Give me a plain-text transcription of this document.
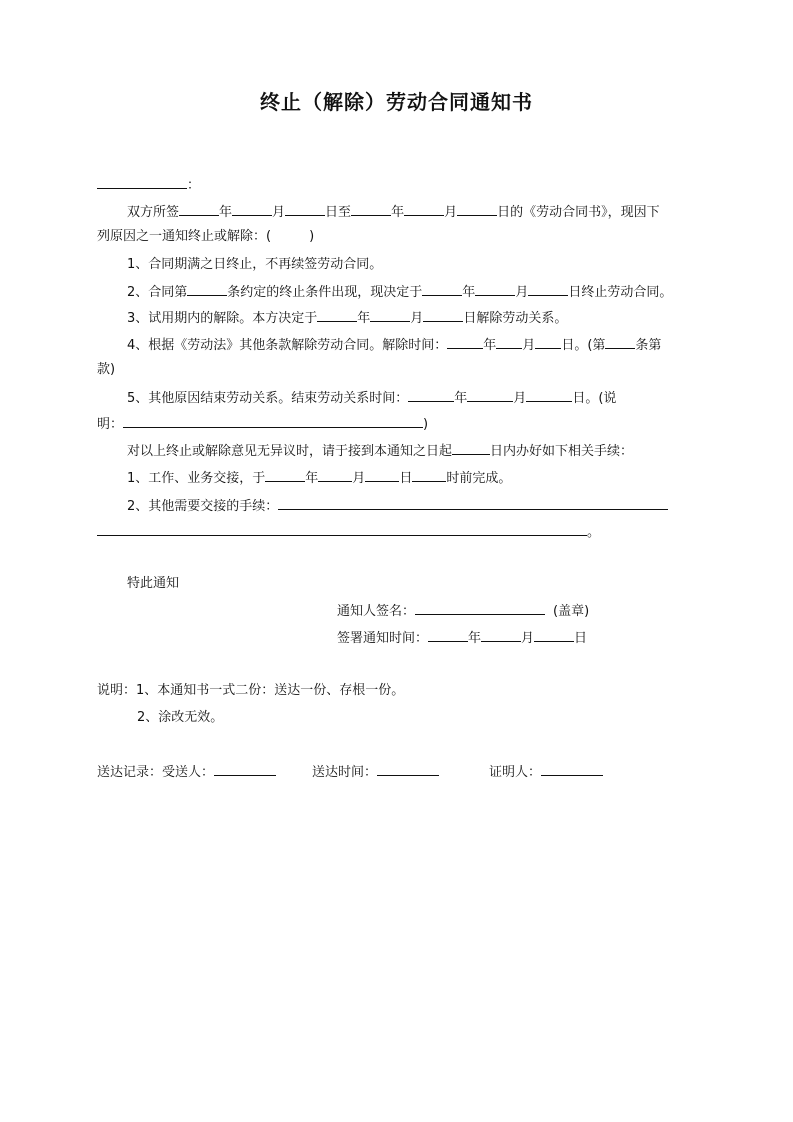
终止（解除）劳动合同通知书
：
双方所签	年	月	日至	年	月	日的《劳动合同书》，现因下
列原因之一通知终止或解除：(	)
1、合同期满之日终止，不再续签劳动合同。
2、合同第	条约定的终止条件出现，现决定于	年	月	日终止劳动合同。
3、试用期内的解除。本方决定于	年	月	日解除劳动关系。
4、根据《劳动法》其他条款解除劳动合同。解除时间：	年 月 日。(第 条第
款)
5、其他原因结束劳动关系。结束劳动关系时间：	年	月	日。(说
明：	)
对以上终止或解除意见无异议时，请于接到本通知之日起	日内办好如下相关手续：
1、工作、业务交接，于	年	月	日	时前完成。
2、其他需要交接的手续：
。
特此通知
通知人签名：	(盖章)
签署通知时间：	年	月	日
说明：1、本通知书一式二份：送达一份、存根一份。
2、涂改无效。
送达记录：受送人：	送达时间：	证明人：
